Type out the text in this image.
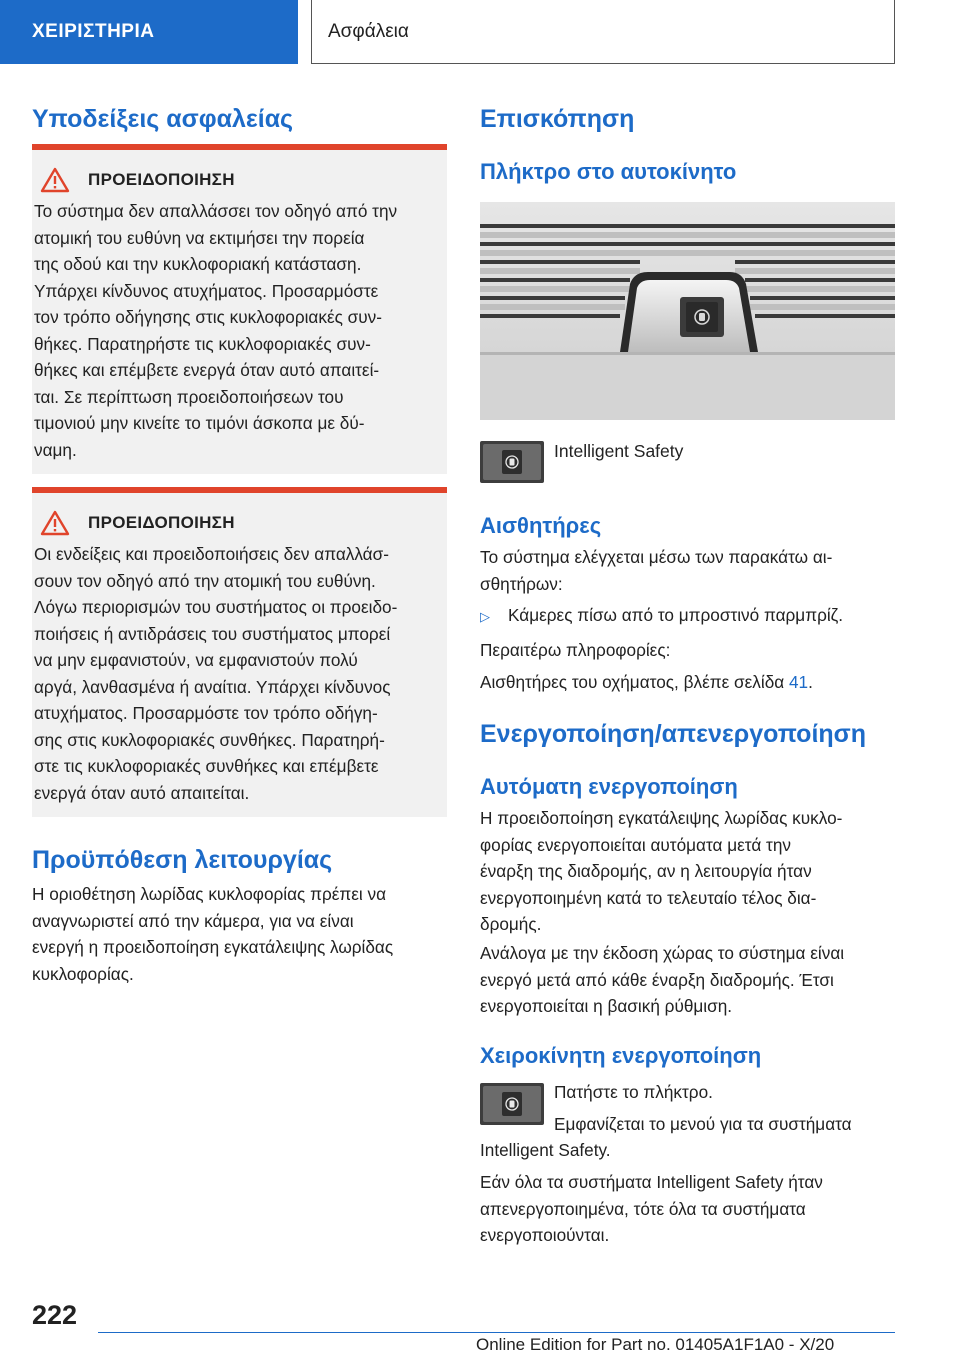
ΧΕΙΡΙΣΤΗΡΙΑ	Ασφάλεια
Υποδείξεις ασφαλείας
ΠΡΟΕΙΔΟΠΟΙΗΣΗ
Το σύστημα δεν απαλλάσσει τον οδηγό από την
ατομική του ευθύνη να εκτιμήσει την πορεία
της οδού και την κυκλοφοριακή κατάσταση.
Υπάρχει κίνδυνος ατυχήματος. Προσαρμόστε
τον τρόπο οδήγησης στις κυκλοφοριακές συν-
θήκες. Παρατηρήστε τις κυκλοφοριακές συν-
θήκες και επέμβετε ενεργά όταν αυτό απαιτεί-
ται. Σε περίπτωση προειδοποιήσεων του
τιμονιού μην κινείτε το τιμόνι άσκοπα με δύ-
ναμη.
ΠΡΟΕΙΔΟΠΟΙΗΣΗ
Οι ενδείξεις και προειδοποιήσεις δεν απαλλάσ-
σουν τον οδηγό από την ατομική του ευθύνη.
Λόγω περιορισμών του συστήματος οι προειδο-
ποιήσεις ή αντιδράσεις του συστήματος μπορεί
να μην εμφανιστούν, να εμφανιστούν πολύ
αργά, λανθασμένα ή αναίτια. Υπάρχει κίνδυνος
ατυχήματος. Προσαρμόστε τον τρόπο οδήγη-
σης στις κυκλοφοριακές συνθήκες. Παρατηρή-
στε τις κυκλοφοριακές συνθήκες και επέμβετε
ενεργά όταν αυτό απαιτείται.
Προϋπόθεση λειτουργίας
Η οριοθέτηση λωρίδας κυκλοφορίας πρέπει να
αναγνωριστεί από την κάμερα, για να είναι
ενεργή η προειδοποίηση εγκατάλειψης λωρίδας
κυκλοφορίας.
Επισκόπηση
Πλήκτρο στο αυτοκίνητο
Intelligent Safety
Αισθητήρες
Το σύστημα ελέγχεται μέσω των παρακάτω αι-
σθητήρων:
▷	Κάμερες πίσω από το μπροστινό παρμπρίζ.
Περαιτέρω πληροφορίες:
Αισθητήρες του οχήματος, βλέπε σελίδα 41.
Ενεργοποίηση/απενεργοποίηση
Αυτόματη ενεργοποίηση
Η προειδοποίηση εγκατάλειψης λωρίδας κυκλο-
φορίας ενεργοποιείται αυτόματα μετά την
έναρξη της διαδρομής, αν η λειτουργία ήταν
ενεργοποιημένη κατά το τελευταίο τέλος δια-
δρομής.
Ανάλογα με την έκδοση χώρας το σύστημα είναι
ενεργό μετά από κάθε έναρξη διαδρομής. Έτσι
ενεργοποιείται η βασική ρύθμιση.
Χειροκίνητη ενεργοποίηση
Πατήστε το πλήκτρο.
Εμφανίζεται το μενού για τα συστήματα
Intelligent Safety.
Εάν όλα τα συστήματα Intelligent Safety ήταν
απενεργοποιημένα, τότε όλα τα συστήματα
ενεργοποιούνται.
222
Online Edition for Part no. 01405A1F1A0 - X/20
